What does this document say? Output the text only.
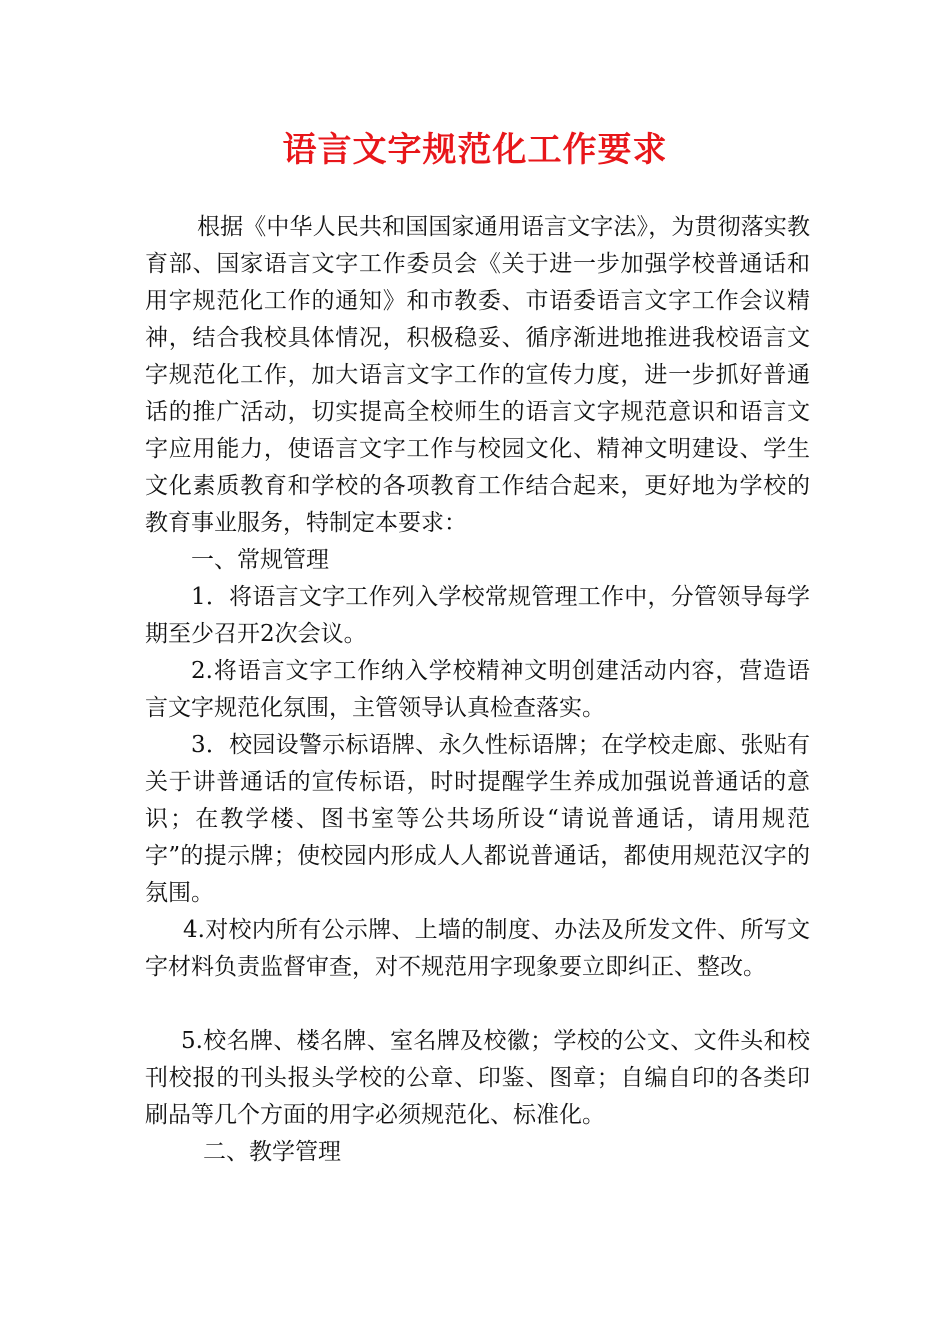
语言文字规范化工作要求

根据《中华人民共和国国家通用语言文字法》，为贯彻落实教育部、国家语言文字工作委员会《关于进一步加强学校普通话和用字规范化工作的通知》和市教委、市语委语言文字工作会议精神，结合我校具体情况，积极稳妥、循序渐进地推进我校语言文字规范化工作，加大语言文字工作的宣传力度，进一步抓好普通话的推广活动，切实提高全校师生的语言文字规范意识和语言文字应用能力，使语言文字工作与校园文化、精神文明建设、学生文化素质教育和学校的各项教育工作结合起来，更好地为学校的教育事业服务，特制定本要求：

一、常规管理

1．将语言文字工作列入学校常规管理工作中，分管领导每学期至少召开2次会议。

2.将语言文字工作纳入学校精神文明创建活动内容，营造语言文字规范化氛围，主管领导认真检查落实。

3．校园设警示标语牌、永久性标语牌；在学校走廊、张贴有关于讲普通话的宣传标语，时时提醒学生养成加强说普通话的意识；在教学楼、图书室等公共场所设“请说普通话，请用规范字”的提示牌；使校园内形成人人都说普通话，都使用规范汉字的氛围。

4.对校内所有公示牌、上墙的制度、办法及所发文件、所写文字材料负责监督审查，对不规范用字现象要立即纠正、整改。

5.校名牌、楼名牌、室名牌及校徽；学校的公文、文件头和校刊校报的刊头报头学校的公章、印鉴、图章；自编自印的各类印刷品等几个方面的用字必须规范化、标准化。

二、教学管理
